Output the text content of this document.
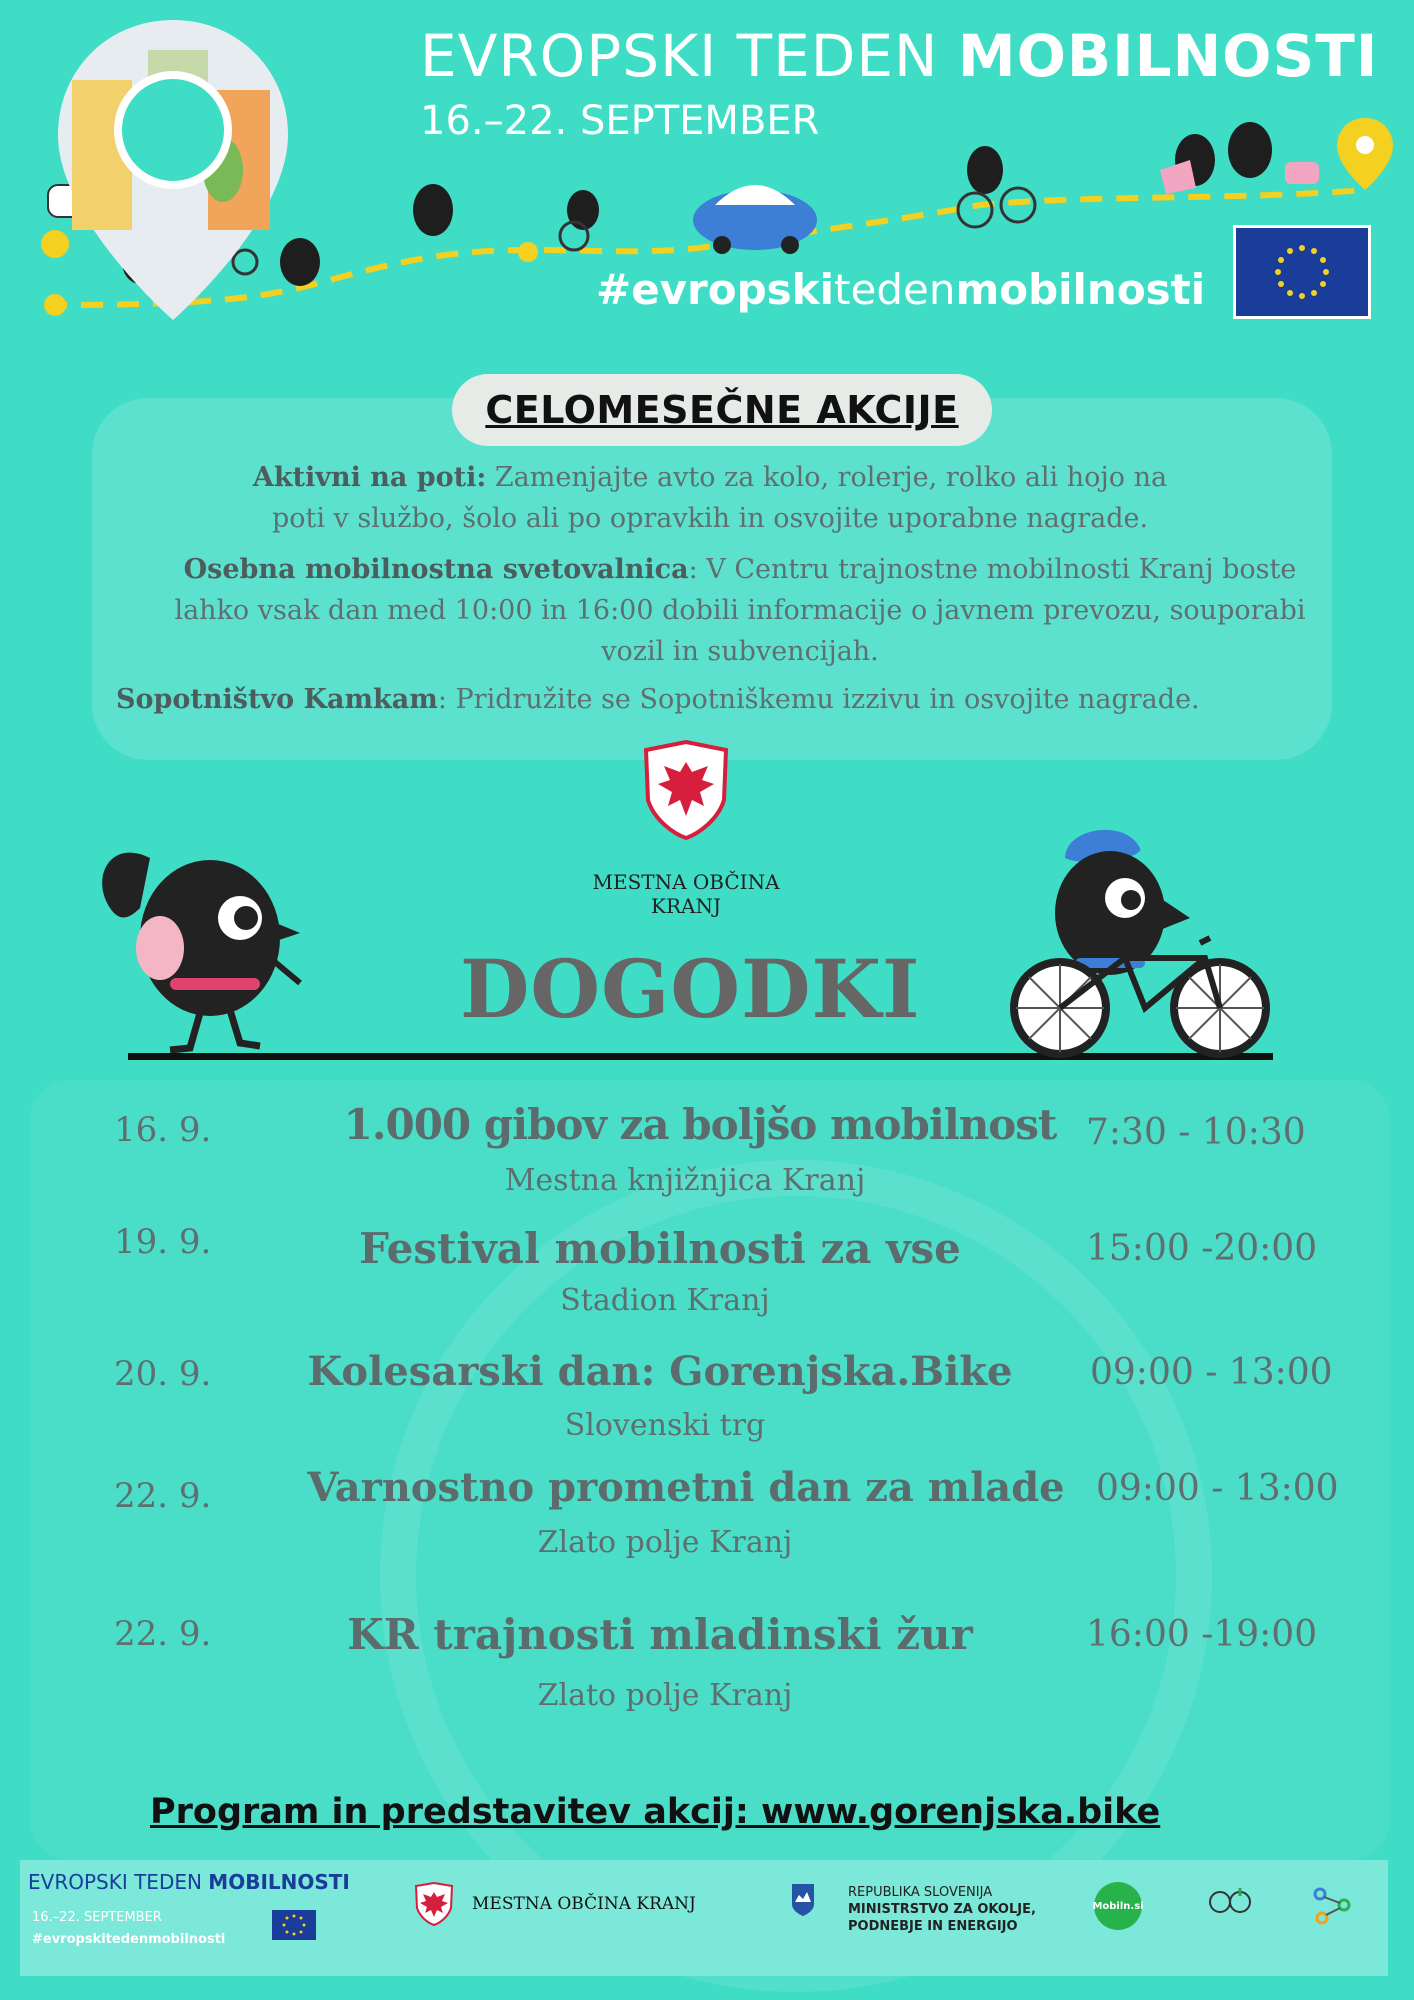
EVROPSKI TEDEN MOBILNOSTI
16.–22. SEPTEMBER
#evropskitedenmobilnosti
CELOMESEČNE AKCIJE
Aktivni na poti: Zamenjajte avto za kolo, rolerje, rolko ali hojo na
poti v službo, šolo ali po opravkih in osvojite uporabne nagrade.
Osebna mobilnostna svetovalnica: V Centru trajnostne mobilnosti Kranj boste
lahko vsak dan med 10:00 in 16:00 dobili informacije o javnem prevozu, souporabi
vozil in subvencijah.
Sopotništvo Kamkam: Pridružite se Sopotniškemu izzivu in osvojite nagrade.
MESTNA OBČINA
KRANJ
DOGODKI
16. 9.	1.000 gibov za boljšo mobilnost
Mestna knjižnjica Kranj
7:30 - 10:30
19. 9.	Festival mobilnosti za vse
Stadion Kranj
15:00 -20:00
20. 9.	Kolesarski dan: Gorenjska.Bike
Slovenski trg
09:00 - 13:00
22. 9. Varnostno prometni dan za mlade
Zlato polje Kranj
09:00 - 13:00
22. 9.	KR trajnosti mladinski žur
Zlato polje Kranj
16:00 -19:00
Program in predstavitev akcij: www.gorenjska.bike
EVROPSKI TEDEN MOBILNOSTI
16.–22. SEPTEMBER
#evropskitedenmobilnosti
MESTNA OBČINA KRANJ
REPUBLIKA SLOVENIJA
MINISTRSTVO ZA OKOLJE,
PODNEBJE IN ENERGIJO
Mobiln.si
